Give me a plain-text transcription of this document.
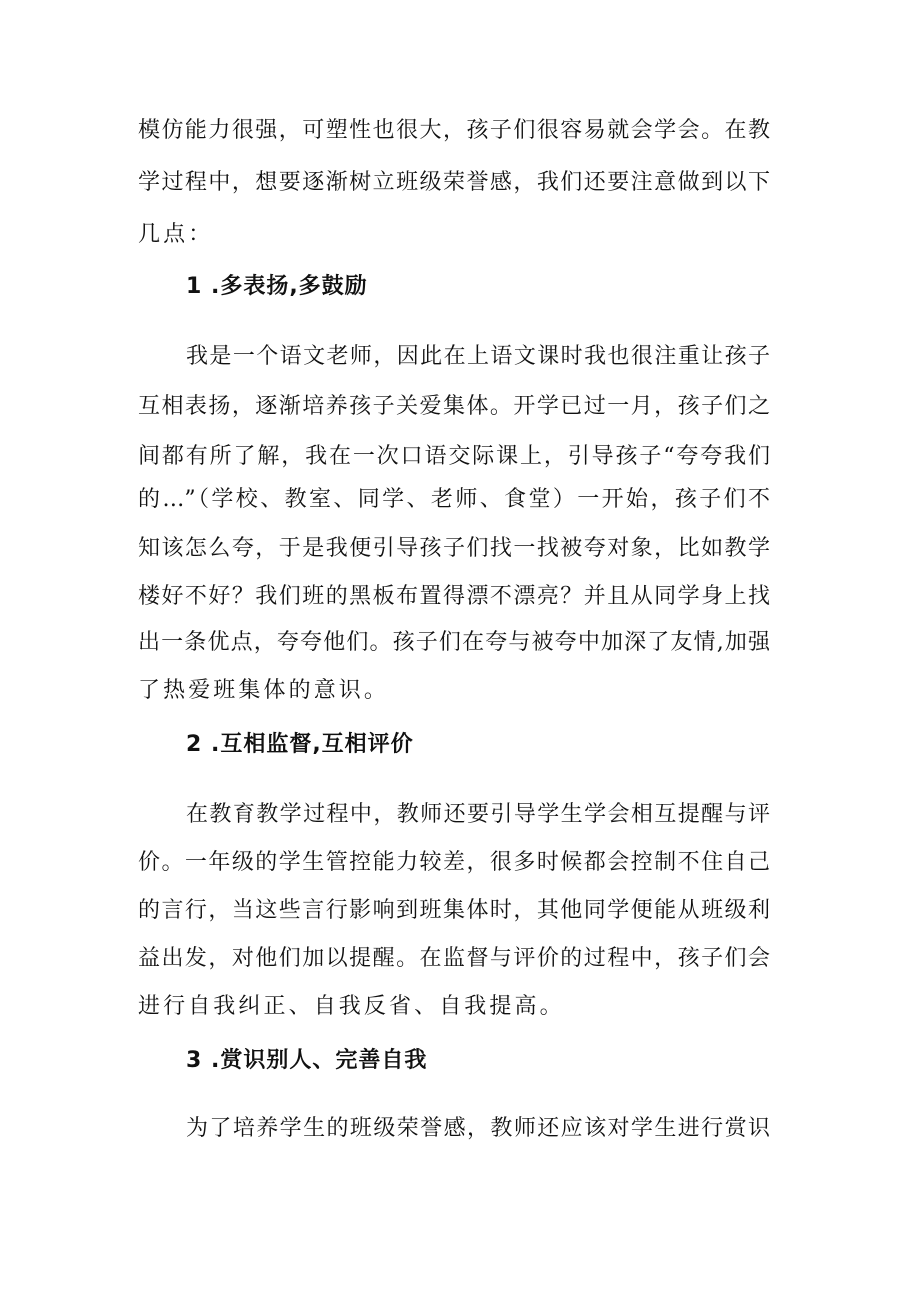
模仿能力很强，可塑性也很大，孩子们很容易就会学会。在教
学过程中，想要逐渐树立班级荣誉感，我们还要注意做到以下
几点：
1 .多表扬,多鼓励
我是一个语文老师，因此在上语文课时我也很注重让孩子
互相表扬，逐渐培养孩子关爱集体。开学已过一月，孩子们之
间都有所了解，我在一次口语交际课上，引导孩子“夸夸我们
的…”（学校、教室、同学、老师、食堂）一开始，孩子们不
知该怎么夸，于是我便引导孩子们找一找被夸对象，比如教学
楼好不好？我们班的黑板布置得漂不漂亮？并且从同学身上找
出一条优点，夸夸他们。孩子们在夸与被夸中加深了友情,加强
了热爱班集体的意识。
2 .互相监督,互相评价
在教育教学过程中，教师还要引导学生学会相互提醒与评
价。一年级的学生管控能力较差，很多时候都会控制不住自己
的言行，当这些言行影响到班集体时，其他同学便能从班级利
益出发，对他们加以提醒。在监督与评价的过程中，孩子们会
进行自我纠正、自我反省、自我提高。
3 .赏识别人、完善自我
为了培养学生的班级荣誉感，教师还应该对学生进行赏识
